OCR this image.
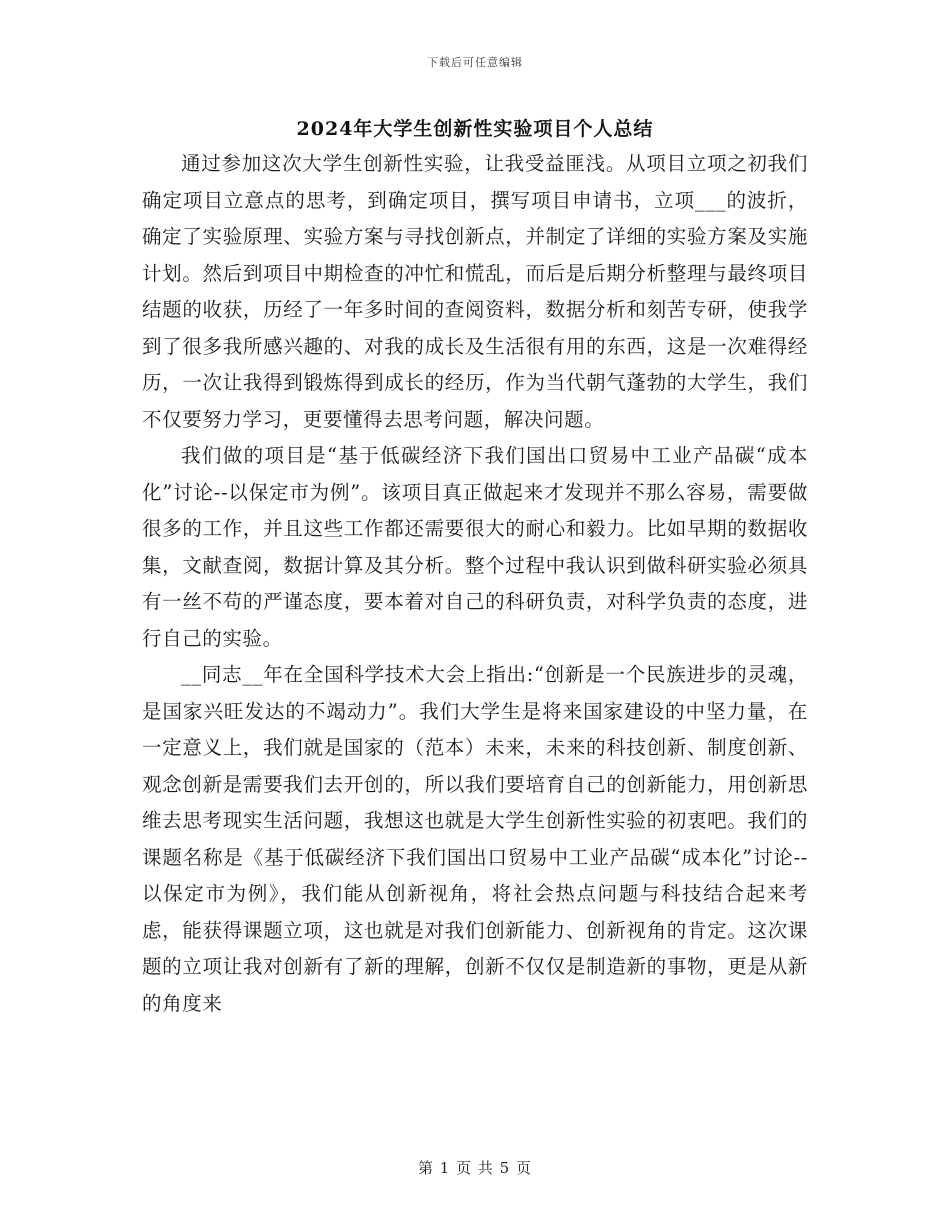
下载后可任意编辑
2024年大学生创新性实验项目个人总结

通过参加这次大学生创新性实验，让我受益匪浅。从项目立项之初我们确定项目立意点的思考，到确定项目，撰写项目申请书，立项___的波折，确定了实验原理、实验方案与寻找创新点，并制定了详细的实验方案及实施计划。然后到项目中期检查的冲忙和慌乱，而后是后期分析整理与最终项目结题的收获，历经了一年多时间的查阅资料，数据分析和刻苦专研，使我学到了很多我所感兴趣的、对我的成长及生活很有用的东西，这是一次难得经历，一次让我得到锻炼得到成长的经历，作为当代朝气蓬勃的大学生，我们不仅要努力学习，更要懂得去思考问题，解决问题。

我们做的项目是“基于低碳经济下我们国出口贸易中工业产品碳“成本化”讨论--以保定市为例”。该项目真正做起来才发现并不那么容易，需要做很多的工作，并且这些工作都还需要很大的耐心和毅力。比如早期的数据收集，文献查阅，数据计算及其分析。整个过程中我认识到做科研实验必须具有一丝不苟的严谨态度，要本着对自己的科研负责，对科学负责的态度，进行自己的实验。

__同志__年在全国科学技术大会上指出:“创新是一个民族进步的灵魂，是国家兴旺发达的不竭动力”。我们大学生是将来国家建设的中坚力量，在一定意义上，我们就是国家的（范本）未来，未来的科技创新、制度创新、观念创新是需要我们去开创的，所以我们要培育自己的创新能力，用创新思维去思考现实生活问题，我想这也就是大学生创新性实验的初衷吧。我们的课题名称是《基于低碳经济下我们国出口贸易中工业产品碳“成本化”讨论--以保定市为例》，我们能从创新视角，将社会热点问题与科技结合起来考虑，能获得课题立项，这也就是对我们创新能力、创新视角的肯定。这次课题的立项让我对创新有了新的理解，创新不仅仅是制造新的事物，更是从新的角度来

第 1 页 共 5 页
